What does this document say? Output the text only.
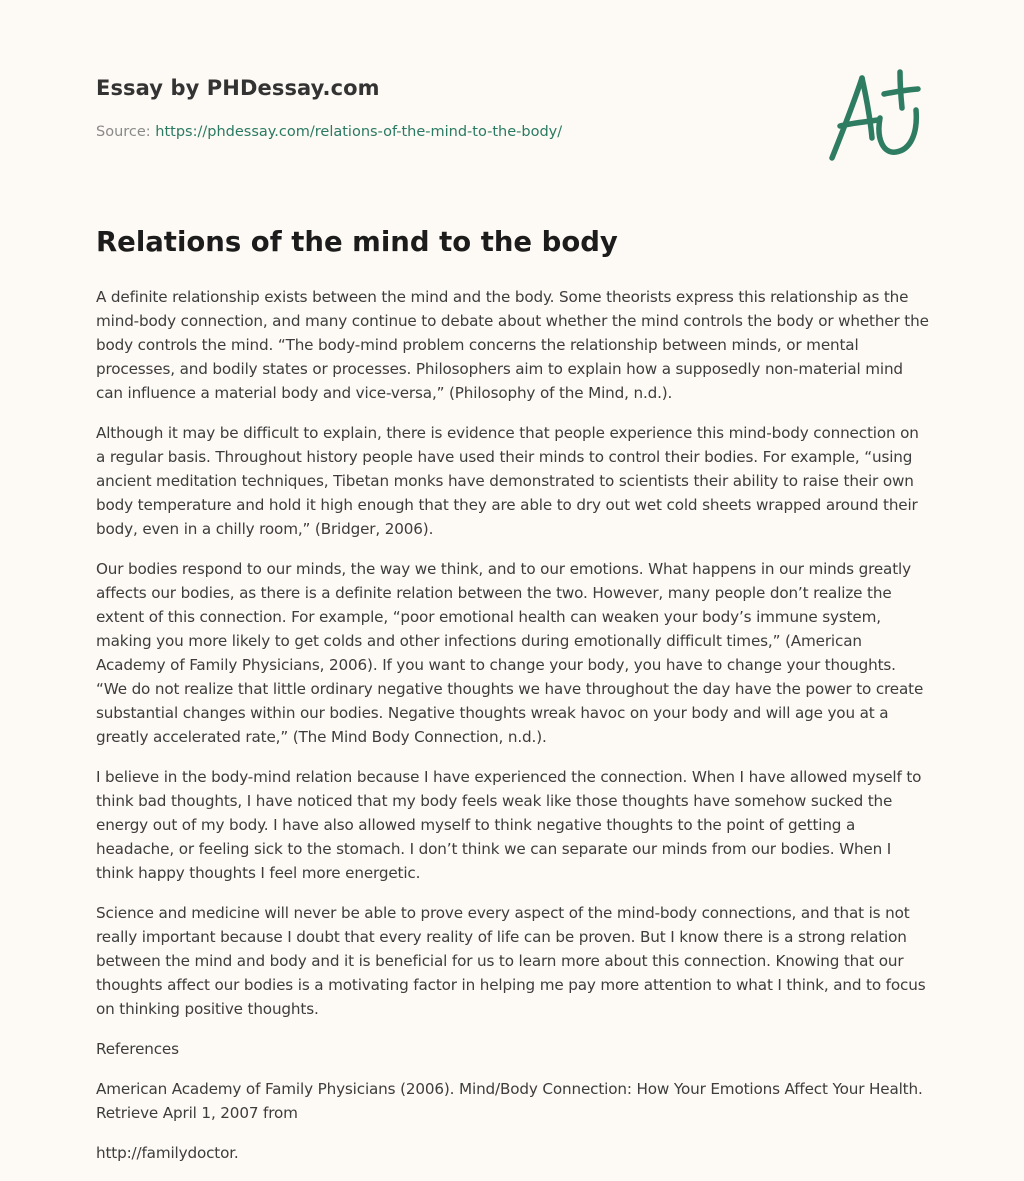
Essay by PHDessay.com
Source: https://phdessay.com/relations-of-the-mind-to-the-body/
Relations of the mind to the body

A definite relationship exists between the mind and the body. Some theorists express this relationship as the mind-body connection, and many continue to debate about whether the mind controls the body or whether the body controls the mind. “The body-mind problem concerns the relationship between minds, or mental processes, and bodily states or processes. Philosophers aim to explain how a supposedly non-material mind can influence a material body and vice-versa,” (Philosophy of the Mind, n.d.).

Although it may be difficult to explain, there is evidence that people experience this mind-body connection on a regular basis. Throughout history people have used their minds to control their bodies. For example, “using ancient meditation techniques, Tibetan monks have demonstrated to scientists their ability to raise their own body temperature and hold it high enough that they are able to dry out wet cold sheets wrapped around their body, even in a chilly room,” (Bridger, 2006).

Our bodies respond to our minds, the way we think, and to our emotions. What happens in our minds greatly affects our bodies, as there is a definite relation between the two. However, many people don’t realize the extent of this connection. For example, “poor emotional health can weaken your body’s immune system, making you more likely to get colds and other infections during emotionally difficult times,” (American Academy of Family Physicians, 2006). If you want to change your body, you have to change your thoughts. “We do not realize that little ordinary negative thoughts we have throughout the day have the power to create substantial changes within our bodies. Negative thoughts wreak havoc on your body and will age you at a greatly accelerated rate,” (The Mind Body Connection, n.d.).

I believe in the body-mind relation because I have experienced the connection. When I have allowed myself to think bad thoughts, I have noticed that my body feels weak like those thoughts have somehow sucked the energy out of my body. I have also allowed myself to think negative thoughts to the point of getting a headache, or feeling sick to the stomach. I don’t think we can separate our minds from our bodies. When I think happy thoughts I feel more energetic.

Science and medicine will never be able to prove every aspect of the mind-body connections, and that is not really important because I doubt that every reality of life can be proven. But I know there is a strong relation between the mind and body and it is beneficial for us to learn more about this connection. Knowing that our thoughts affect our bodies is a motivating factor in helping me pay more attention to what I think, and to focus on thinking positive thoughts.

References

American Academy of Family Physicians (2006). Mind/Body Connection: How Your Emotions Affect Your Health. Retrieve April 1, 2007 from

http://familydoctor.
